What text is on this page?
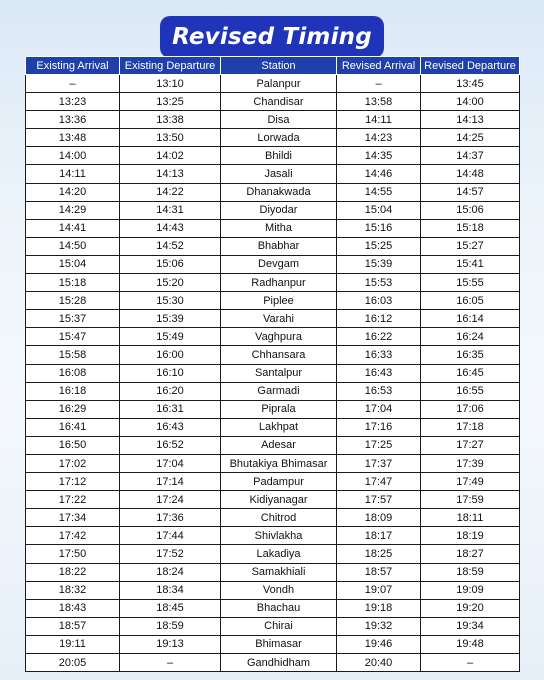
Revised Timing
Existing Arrival	Existing Departure	Station	Revised Arrival	Revised Departure
–	13:10	Palanpur	–	13:45
13:23	13:25	Chandisar	13:58	14:00
13:36	13:38	Disa	14:11	14:13
13:48	13:50	Lorwada	14:23	14:25
14:00	14:02	Bhildi	14:35	14:37
14:11	14:13	Jasali	14:46	14:48
14:20	14:22	Dhanakwada	14:55	14:57
14:29	14:31	Diyodar	15:04	15:06
14:41	14:43	Mitha	15:16	15:18
14:50	14:52	Bhabhar	15:25	15:27
15:04	15:06	Devgam	15:39	15:41
15:18	15:20	Radhanpur	15:53	15:55
15:28	15:30	Piplee	16:03	16:05
15:37	15:39	Varahi	16:12	16:14
15:47	15:49	Vaghpura	16:22	16:24
15:58	16:00	Chhansara	16:33	16:35
16:08	16:10	Santalpur	16:43	16:45
16:18	16:20	Garmadi	16:53	16:55
16:29	16:31	Piprala	17:04	17:06
16:41	16:43	Lakhpat	17:16	17:18
16:50	16:52	Adesar	17:25	17:27
17:02	17:04	Bhutakiya Bhimasar	17:37	17:39
17:12	17:14	Padampur	17:47	17:49
17:22	17:24	Kidiyanagar	17:57	17:59
17:34	17:36	Chitrod	18:09	18:11
17:42	17:44	Shivlakha	18:17	18:19
17:50	17:52	Lakadiya	18:25	18:27
18:22	18:24	Samakhiali	18:57	18:59
18:32	18:34	Vondh	19:07	19:09
18:43	18:45	Bhachau	19:18	19:20
18:57	18:59	Chirai	19:32	19:34
19:11	19:13	Bhimasar	19:46	19:48
20:05	–	Gandhidham	20:40	–
